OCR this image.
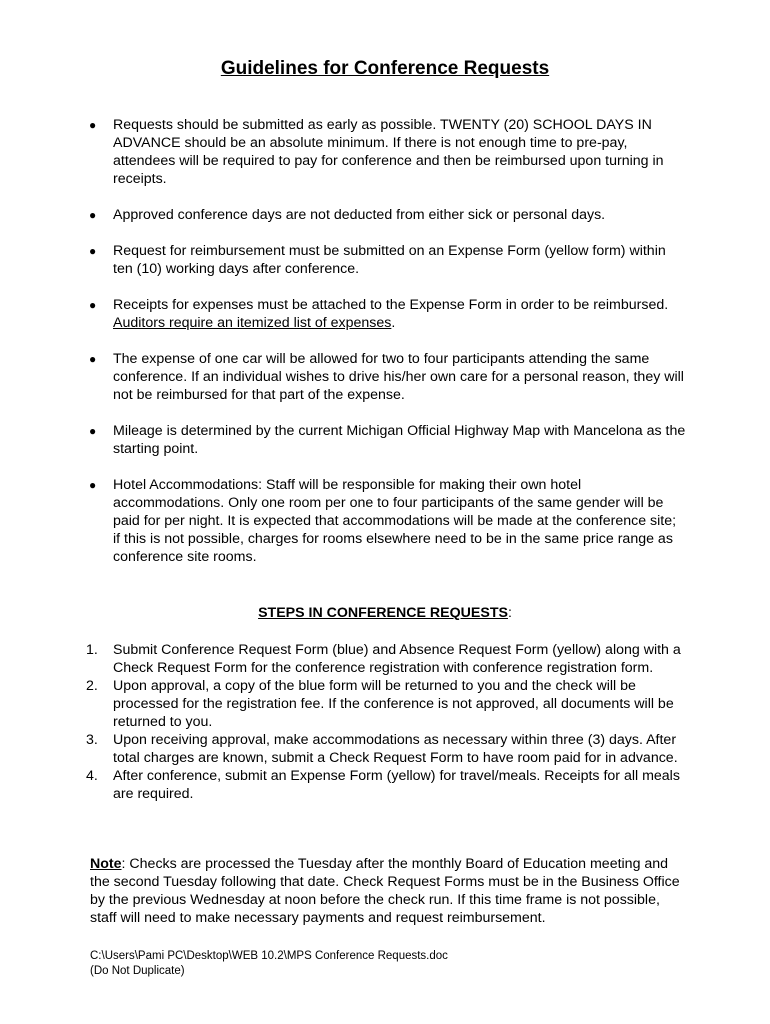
Guidelines for Conference Requests
● Requests should be submitted as early as possible. TWENTY (20) SCHOOL DAYS IN ADVANCE should be an absolute minimum. If there is not enough time to pre-pay, attendees will be required to pay for conference and then be reimbursed upon turning in receipts.
● Approved conference days are not deducted from either sick or personal days.
● Request for reimbursement must be submitted on an Expense Form (yellow form) within ten (10) working days after conference.
● Receipts for expenses must be attached to the Expense Form in order to be reimbursed. Auditors require an itemized list of expenses.
● The expense of one car will be allowed for two to four participants attending the same conference. If an individual wishes to drive his/her own care for a personal reason, they will not be reimbursed for that part of the expense.
● Mileage is determined by the current Michigan Official Highway Map with Mancelona as the starting point.
● Hotel Accommodations: Staff will be responsible for making their own hotel accommodations. Only one room per one to four participants of the same gender will be paid for per night. It is expected that accommodations will be made at the conference site; if this is not possible, charges for rooms elsewhere need to be in the same price range as conference site rooms.
STEPS IN CONFERENCE REQUESTS:
1. Submit Conference Request Form (blue) and Absence Request Form (yellow) along with a Check Request Form for the conference registration with conference registration form.
2. Upon approval, a copy of the blue form will be returned to you and the check will be processed for the registration fee. If the conference is not approved, all documents will be returned to you.
3. Upon receiving approval, make accommodations as necessary within three (3) days. After total charges are known, submit a Check Request Form to have room paid for in advance.
4. After conference, submit an Expense Form (yellow) for travel/meals. Receipts for all meals are required.
Note: Checks are processed the Tuesday after the monthly Board of Education meeting and the second Tuesday following that date. Check Request Forms must be in the Business Office by the previous Wednesday at noon before the check run. If this time frame is not possible, staff will need to make necessary payments and request reimbursement.
C:\Users\Pami PC\Desktop\WEB 10.2\MPS Conference Requests.doc
(Do Not Duplicate)
